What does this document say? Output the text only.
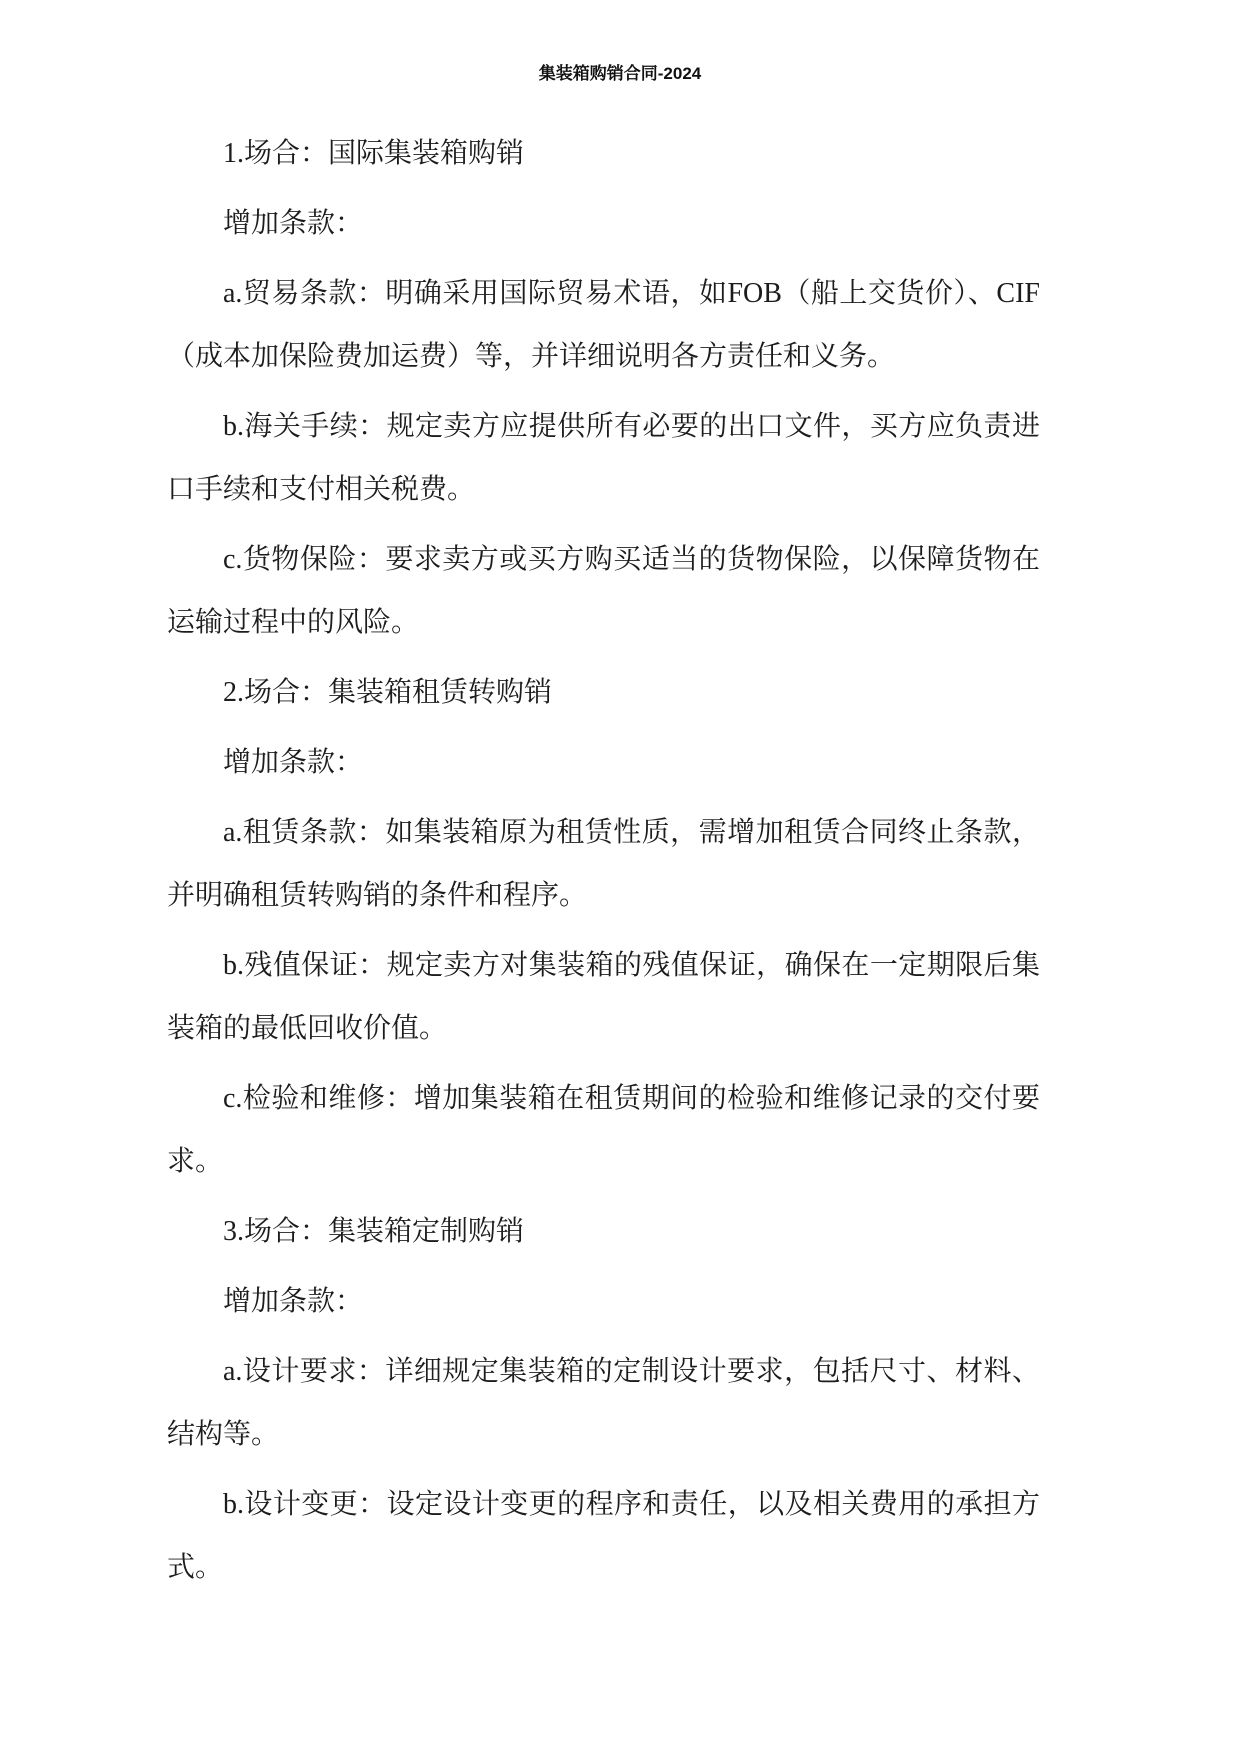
集装箱购销合同-2024

1.场合：国际集装箱购销

增加条款：

a.贸易条款：明确采用国际贸易术语，如FOB（船上交货价）、CIF（成本加保险费加运费）等，并详细说明各方责任和义务。

b.海关手续：规定卖方应提供所有必要的出口文件，买方应负责进口手续和支付相关税费。

c.货物保险：要求卖方或买方购买适当的货物保险，以保障货物在运输过程中的风险。

2.场合：集装箱租赁转购销

增加条款：

a.租赁条款：如集装箱原为租赁性质，需增加租赁合同终止条款，并明确租赁转购销的条件和程序。

b.残值保证：规定卖方对集装箱的残值保证，确保在一定期限后集装箱的最低回收价值。

c.检验和维修：增加集装箱在租赁期间的检验和维修记录的交付要求。

3.场合：集装箱定制购销

增加条款：

a.设计要求：详细规定集装箱的定制设计要求，包括尺寸、材料、结构等。

b.设计变更：设定设计变更的程序和责任，以及相关费用的承担方式。
